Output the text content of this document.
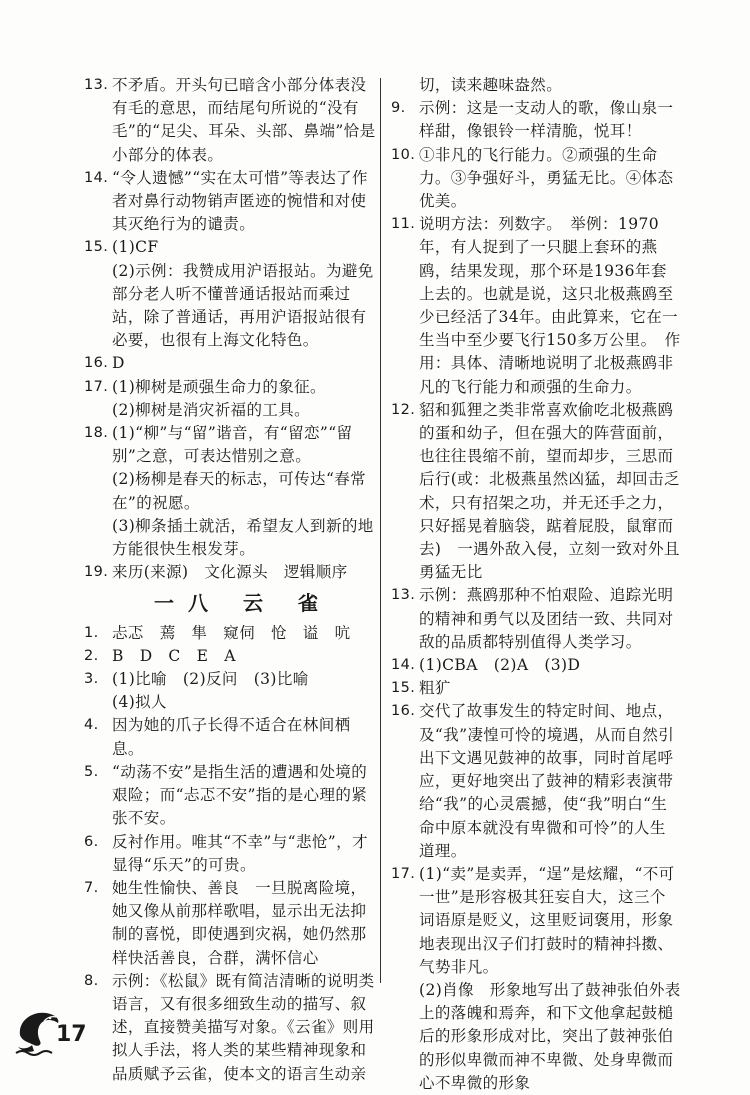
13. 不矛盾。开头句已暗含小部分体表没有毛的意思，而结尾句所说的“没有毛”的“足尖、耳朵、头部、鼻端”恰是小部分的体表。
14. “令人遗憾”“实在太可惜”等表达了作者对鼻行动物销声匿迹的惋惜和对使其灭绝行为的谴责。
15. (1)CF
(2)示例：我赞成用沪语报站。为避免部分老人听不懂普通话报站而乘过站，除了普通话，再用沪语报站很有必要，也很有上海文化特色。
16. D
17. (1)柳树是顽强生命力的象征。
(2)柳树是消灾祈福的工具。
18. (1)“柳”与“留”谐音，有“留恋”“留别”之意，可表达惜别之意。
(2)杨柳是春天的标志，可传达“春常在”的祝愿。
(3)柳条插土就活，希望友人到新的地方能很快生根发芽。
19. 来历(来源)　文化源头　逻辑顺序
一八 云 雀
1. 忐忑　蔫　隼　窥伺　怆　谥　吭
2. B　D　C　E　A
3. (1)比喻　(2)反问　(3)比喻
(4)拟人
4. 因为她的爪子长得不适合在林间栖息。
5. “动荡不安”是指生活的遭遇和处境的艰险；而“忐忑不安”指的是心理的紧张不安。
6. 反衬作用。唯其“不幸”与“悲怆”，才显得“乐天”的可贵。
7. 她生性愉快、善良　一旦脱离险境，她又像从前那样歌唱，显示出无法抑制的喜悦，即使遇到灾祸，她仍然那样快活善良，合群，满怀信心
8. 示例：《松鼠》既有简洁清晰的说明类语言，又有很多细致生动的描写、叙述，直接赞美描写对象。《云雀》则用拟人手法，将人类的某些精神现象和品质赋予云雀，使本文的语言生动亲
切，读来趣味盎然。
9. 示例：这是一支动人的歌，像山泉一样甜，像银铃一样清脆，悦耳！
10. ①非凡的飞行能力。②顽强的生命力。③争强好斗，勇猛无比。④体态优美。
11. 说明方法：列数字。　举例：1970年，有人捉到了一只腿上套环的燕鸥，结果发现，那个环是1936年套上去的。也就是说，这只北极燕鸥至少已经活了34年。由此算来，它在一生当中至少要飞行150多万公里。　作用：具体、清晰地说明了北极燕鸥非凡的飞行能力和顽强的生命力。
12. 貂和狐狸之类非常喜欢偷吃北极燕鸥的蛋和幼子，但在强大的阵营面前，也往往畏缩不前，望而却步，三思而后行(或：北极燕虽然凶猛，却回击乏术，只有招架之功，并无还手之力，只好摇晃着脑袋，踮着屁股，鼠窜而去)　一遇外敌入侵，立刻一致对外且勇猛无比
13. 示例：燕鸥那种不怕艰险、追踪光明的精神和勇气以及团结一致、共同对敌的品质都特别值得人类学习。
14. (1)CBA　(2)A　(3)D
15. 粗犷
16. 交代了故事发生的特定时间、地点，及“我”凄惶可怜的境遇，从而自然引出下文遇见鼓神的故事，同时首尾呼应，更好地突出了鼓神的精彩表演带给“我”的心灵震撼，使“我”明白“生命中原本就没有卑微和可怜”的人生道理。
17. (1)“卖”是卖弄，“逞”是炫耀，“不可一世”是形容极其狂妄自大，这三个词语原是贬义，这里贬词褒用，形象地表现出汉子们打鼓时的精神抖擞、气势非凡。
(2)肖像　形象地写出了鼓神张伯外表上的落魄和焉奔，和下文他拿起鼓槌后的形象形成对比，突出了鼓神张伯的形似卑微而神不卑微、处身卑微而心不卑微的形象
17
